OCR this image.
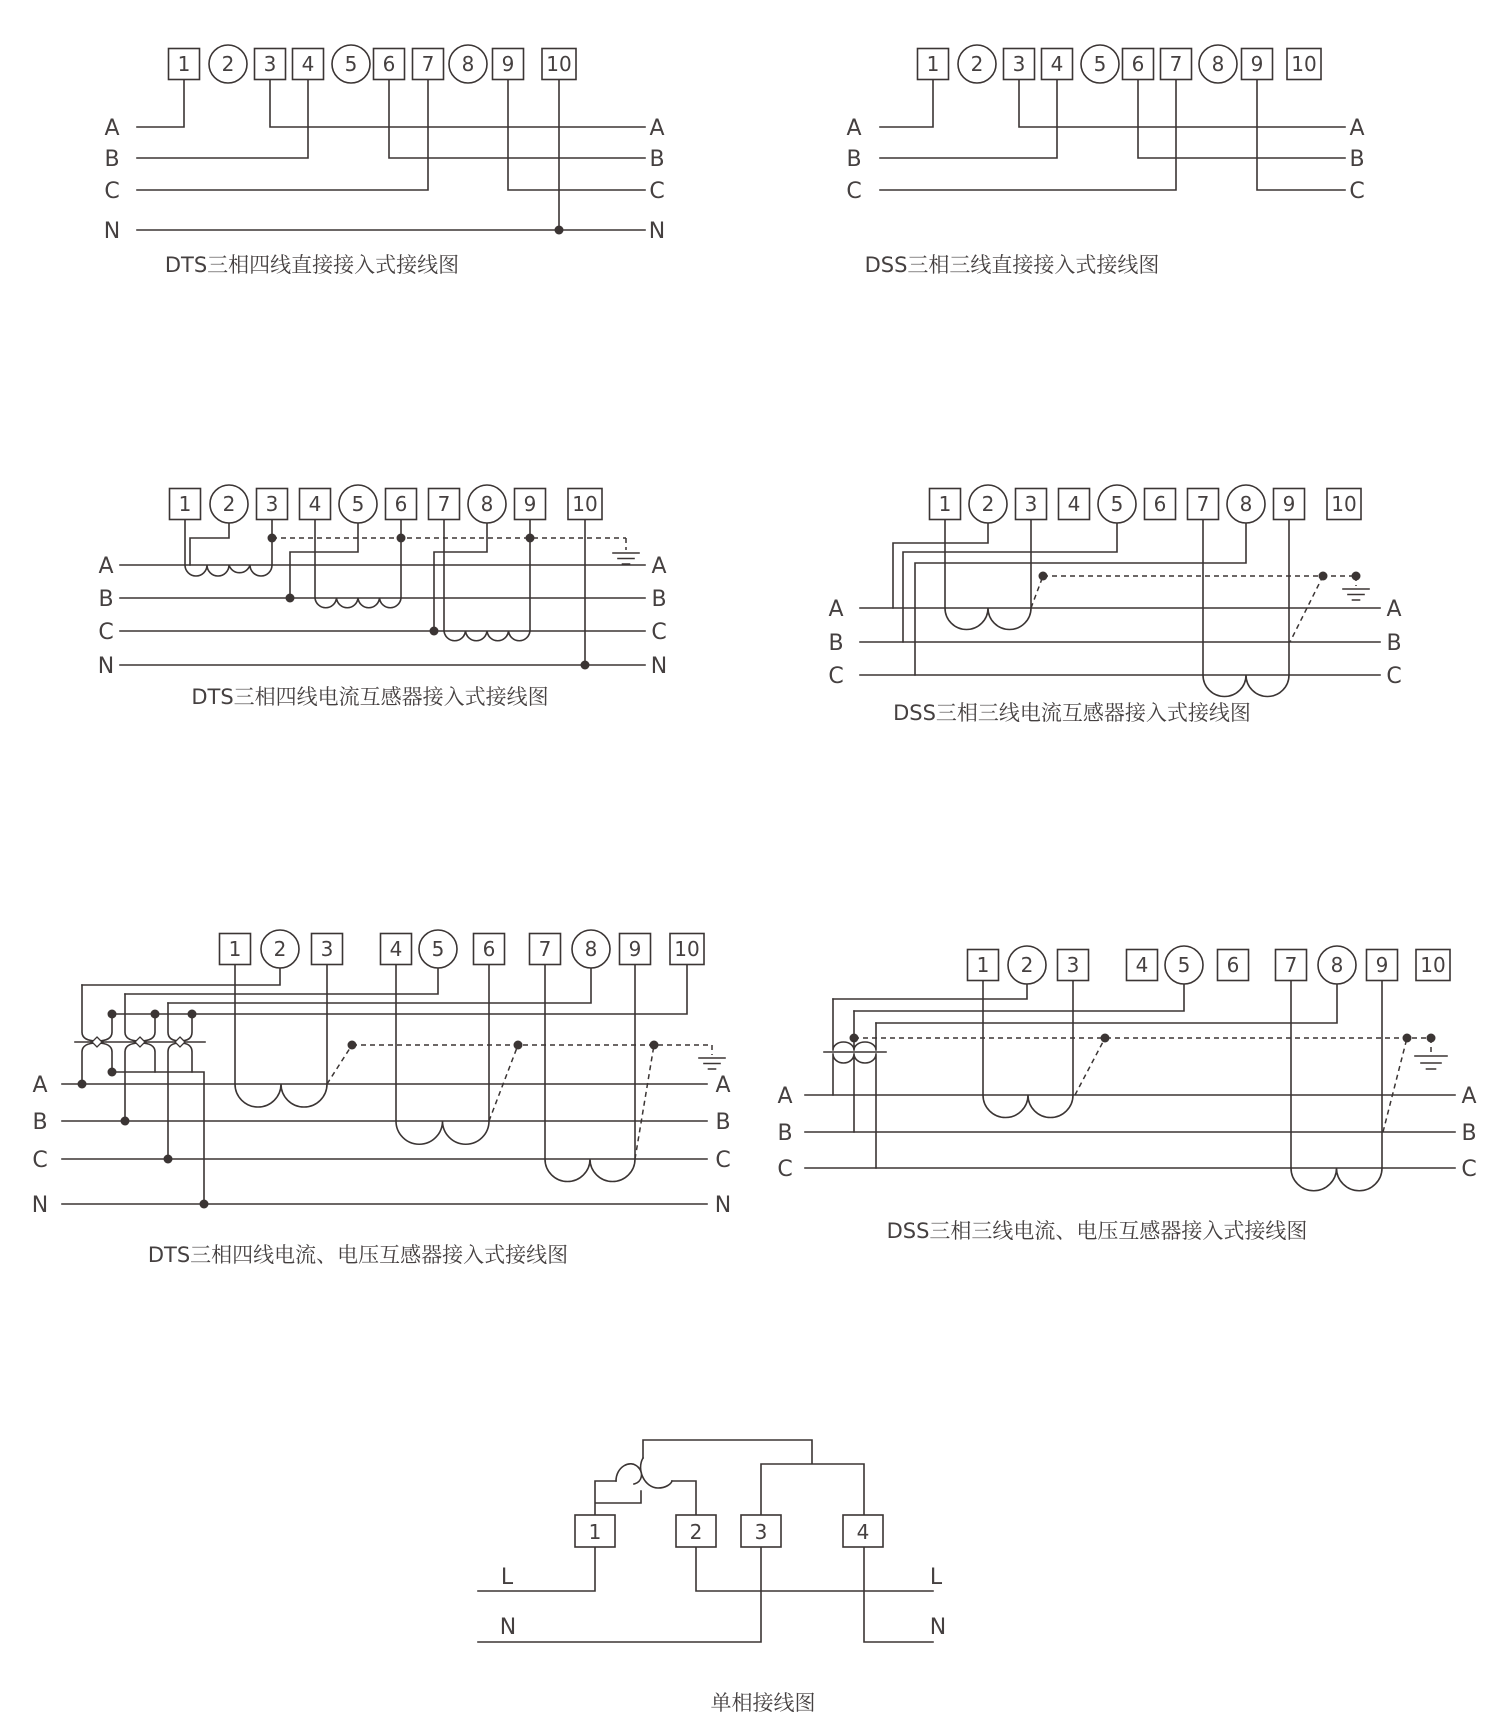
1 2 3 4 5 6 7 8 9 10
A
B
C
N
A
B
C
N
DTS三相四线直接接入式接线图
1 2 3 4 5 6 7 8 9 10
A
B
C
A
B
C
DSS三相三线直接接入式接线图
1 2 3 4 5 6 7 8 9 10
A
B
C
N
A
B
C
N
DTS三相四线电流互感器接入式接线图
1 2 3 4 5 6 7 8 9 10
A
B
C
A
B
C
DSS三相三线电流互感器接入式接线图
1 2 3	4 5 6 7 8 9 10
A
B
C
N
A
B
C
N
DTS三相四线电流、电压互感器接入式接线图
1 2 3	4 5 6 7 8 9 10
A
B
C
A
B
C
DSS三相三线电流、电压互感器接入式接线图
1	2	3	4
L
N
L
N
单相接线图
